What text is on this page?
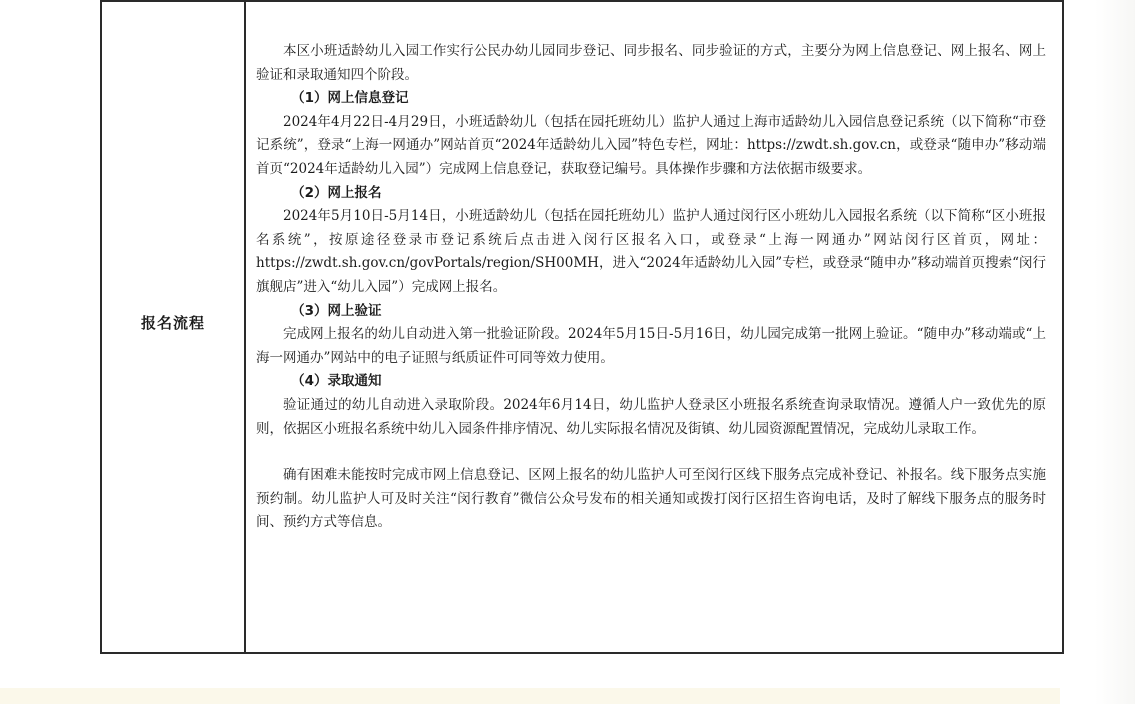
报名流程

本区小班适龄幼儿入园工作实行公民办幼儿园同步登记、同步报名、同步验证的方式，主要分为网上信息登记、网上报名、网上验证和录取通知四个阶段。

（1）网上信息登记

2024年4月22日-4月29日，小班适龄幼儿（包括在园托班幼儿）监护人通过上海市适龄幼儿入园信息登记系统（以下简称“市登记系统”，登录“上海一网通办”网站首页“2024年适龄幼儿入园”特色专栏，网址：https://zwdt.sh.gov.cn，或登录“随申办”移动端首页“2024年适龄幼儿入园”）完成网上信息登记，获取登记编号。具体操作步骤和方法依据市级要求。

（2）网上报名

2024年5月10日-5月14日，小班适龄幼儿（包括在园托班幼儿）监护人通过闵行区小班幼儿入园报名系统（以下简称“区小班报名系统”，按原途径登录市登记系统后点击进入闵行区报名入口，或登录“上海一网通办”网站闵行区首页，网址：https://zwdt.sh.gov.cn/govPortals/region/SH00MH，进入“2024年适龄幼儿入园”专栏，或登录“随申办”移动端首页搜索“闵行旗舰店”进入“幼儿入园”）完成网上报名。

（3）网上验证

完成网上报名的幼儿自动进入第一批验证阶段。2024年5月15日-5月16日，幼儿园完成第一批网上验证。“随申办”移动端或“上海一网通办”网站中的电子证照与纸质证件可同等效力使用。

（4）录取通知

验证通过的幼儿自动进入录取阶段。2024年6月14日，幼儿监护人登录区小班报名系统查询录取情况。遵循人户一致优先的原则，依据区小班报名系统中幼儿入园条件排序情况、幼儿实际报名情况及街镇、幼儿园资源配置情况，完成幼儿录取工作。

确有困难未能按时完成市网上信息登记、区网上报名的幼儿监护人可至闵行区线下服务点完成补登记、补报名。线下服务点实施预约制。幼儿监护人可及时关注“闵行教育”微信公众号发布的相关通知或拨打闵行区招生咨询电话，及时了解线下服务点的服务时间、预约方式等信息。
